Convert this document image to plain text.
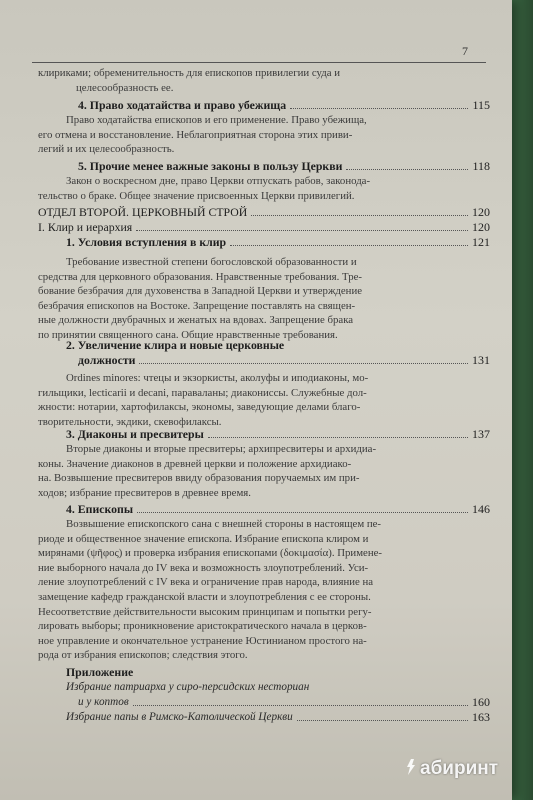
7

клириками; обременительность для епископов привилегии суда и

целесообразность ее.

4. Право ходатайства и право убежища	115

Право ходатайства епископов и его применение. Право убежища,

его отмена и восстановление. Неблагоприятная сторона этих приви-

легий и их целесообразность.

5. Прочие менее важные законы в пользу Церкви	118

Закон о воскресном дне, право Церкви отпускать рабов, законода-

тельство о браке. Общее значение присвоенных Церкви привилегий.

ОТДЕЛ ВТОРОЙ. ЦЕРКОВНЫЙ СТРОЙ	120
I. Клир и иерархия	120
1. Условия вступления в клир	121

Требование известной степени богословской образованности и

средства для церковного образования. Нравственные требования. Тре-

бование безбрачия для духовенства в Западной Церкви и утверждение

безбрачия епископов на Востоке. Запрещение поставлять на священ-

ные должности двубрачных и женатых на вдовах. Запрещение брака

по принятии священного сана. Общие нравственные требования.

2. Увеличение клира и новые церковные
должности	131

Ordines minores: чтецы и экзоркисты, аколуфы и иподиаконы, мо-

гильщики, lecticarii и decani, параваланы; диакониссы. Служебные дол-

жности: нотарии, хартофилаксы, экономы, заведующие делами благо-

творительности, экдики, скевофилаксы.

3. Диаконы и пресвитеры	137

Вторые диаконы и вторые пресвитеры; архипресвитеры и архидиа-

коны. Значение диаконов в древней церкви и положение архидиако-

на. Возвышение пресвитеров ввиду образования поручаемых им при-

ходов; избрание пресвитеров в древнее время.

4. Епископы	146

Возвышение епископского сана с внешней стороны в настоящем пе-

риоде и общественное значение епископа. Избрание епископа клиром и

мирянами (ψῆφος) и проверка избрания епископами (δοκιμασία). Примене-

ние выборного начала до IV века и возможность злоупотреблений. Уси-

ление злоупотреблений с IV века и ограничение прав народа, влияние на

замещение кафедр гражданской власти и злоупотребления с ее стороны.

Несоответствие действительности высоким принципам и попытки регу-

лировать выборы; проникновение аристократического начала в церков-

ное управление и окончательное устранение Юстинианом простого на-

рода от избрания епископов; следствия этого.

Приложение
Избрание патриарха у сиро-персидских несториан
и у коптов	160
Избрание папы в Римско-Католической Церкви	163
абиринт
